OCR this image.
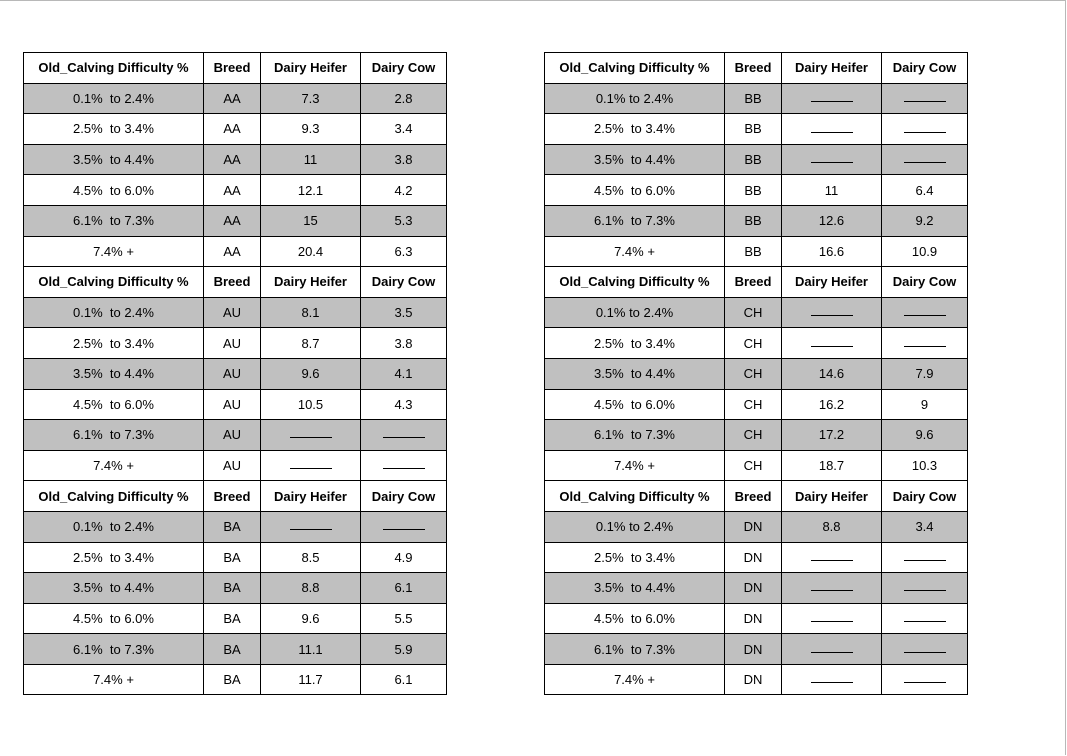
Old_Calving Difficulty %	Breed	Dairy Heifer	Dairy Cow
0.1%  to 2.4%	AA	7.3	2.8
2.5%  to 3.4%	AA	9.3	3.4
3.5%  to 4.4%	AA	11	3.8
4.5%  to 6.0%	AA	12.1	4.2
6.1%  to 7.3%	AA	15	5.3
7.4% +	AA	20.4	6.3
Old_Calving Difficulty %	Breed	Dairy Heifer	Dairy Cow
0.1%  to 2.4%	AU	8.1	3.5
2.5%  to 3.4%	AU	8.7	3.8
3.5%  to 4.4%	AU	9.6	4.1
4.5%  to 6.0%	AU	10.5	4.3
6.1%  to 7.3%	AU		
7.4% +	AU		
Old_Calving Difficulty %	Breed	Dairy Heifer	Dairy Cow
0.1%  to 2.4%	BA		
2.5%  to 3.4%	BA	8.5	4.9
3.5%  to 4.4%	BA	8.8	6.1
4.5%  to 6.0%	BA	9.6	5.5
6.1%  to 7.3%	BA	11.1	5.9
7.4% +	BA	11.7	6.1
Old_Calving Difficulty %	Breed	Dairy Heifer	Dairy Cow
0.1% to 2.4%	BB		
2.5%  to 3.4%	BB		
3.5%  to 4.4%	BB		
4.5%  to 6.0%	BB	11	6.4
6.1%  to 7.3%	BB	12.6	9.2
7.4% +	BB	16.6	10.9
Old_Calving Difficulty %	Breed	Dairy Heifer	Dairy Cow
0.1% to 2.4%	CH		
2.5%  to 3.4%	CH		
3.5%  to 4.4%	CH	14.6	7.9
4.5%  to 6.0%	CH	16.2	9
6.1%  to 7.3%	CH	17.2	9.6
7.4% +	CH	18.7	10.3
Old_Calving Difficulty %	Breed	Dairy Heifer	Dairy Cow
0.1% to 2.4%	DN	8.8	3.4
2.5%  to 3.4%	DN		
3.5%  to 4.4%	DN		
4.5%  to 6.0%	DN		
6.1%  to 7.3%	DN		
7.4% +	DN		
